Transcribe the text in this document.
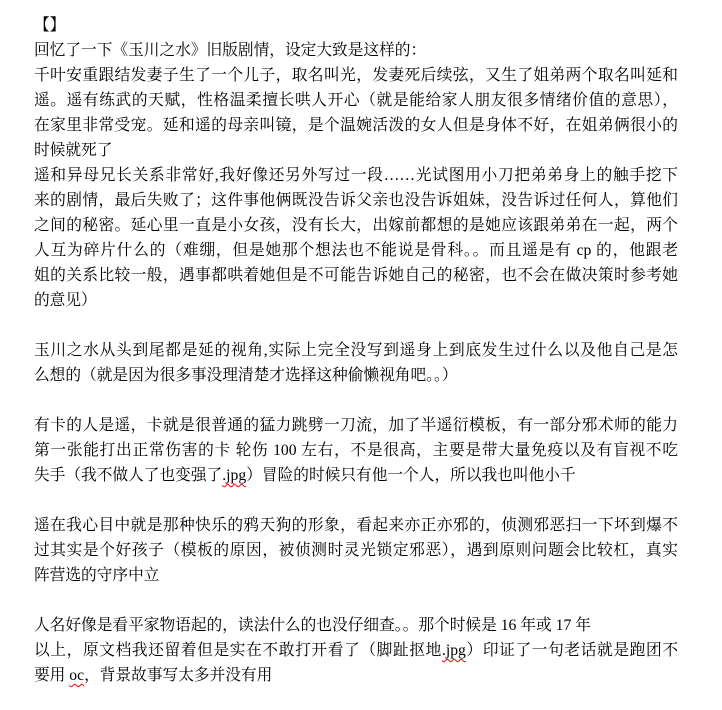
【】
回忆了一下《玉川之水》旧版剧情，设定大致是这样的：
千叶安重跟结发妻子生了一个儿子，取名叫光，发妻死后续弦，又生了姐弟两个取名叫延和
遥。遥有练武的天赋，性格温柔擅长哄人开心（就是能给家人朋友很多情绪价值的意思），
在家里非常受宠。延和遥的母亲叫镜，是个温婉活泼的女人但是身体不好，在姐弟俩很小的
时候就死了
遥和异母兄长关系非常好,我好像还另外写过一段……光试图用小刀把弟弟身上的触手挖下
来的剧情，最后失败了；这件事他俩既没告诉父亲也没告诉姐妹，没告诉过任何人，算他们
之间的秘密。延心里一直是小女孩，没有长大，出嫁前都想的是她应该跟弟弟在一起，两个
人互为碎片什么的（难绷，但是她那个想法也不能说是骨科。。而且遥是有 cp 的，他跟老
姐的关系比较一般，遇事都哄着她但是不可能告诉她自己的秘密，也不会在做决策时参考她
的意见）
玉川之水从头到尾都是延的视角,实际上完全没写到遥身上到底发生过什么以及他自己是怎
么想的（就是因为很多事没理清楚才选择这种偷懒视角吧。。）
有卡的人是遥，卡就是很普通的猛力跳劈一刀流，加了半遥衍模板，有一部分邪术师的能力
第一张能打出正常伤害的卡 轮伤 100 左右，不是很高，主要是带大量免疫以及有盲视不吃
失手（我不做人了也变强了.jpg）冒险的时候只有他一个人，所以我也叫他小千
遥在我心目中就是那种快乐的鸦天狗的形象，看起来亦正亦邪的，侦测邪恶扫一下坏到爆不
过其实是个好孩子（模板的原因，被侦测时灵光锁定邪恶），遇到原则问题会比较杠，真实
阵营选的守序中立
人名好像是看平家物语起的，读法什么的也没仔细查。。那个时候是 16 年或 17 年
以上，原文档我还留着但是实在不敢打开看了（脚趾抠地.jpg）印证了一句老话就是跑团不
要用 oc，背景故事写太多并没有用
